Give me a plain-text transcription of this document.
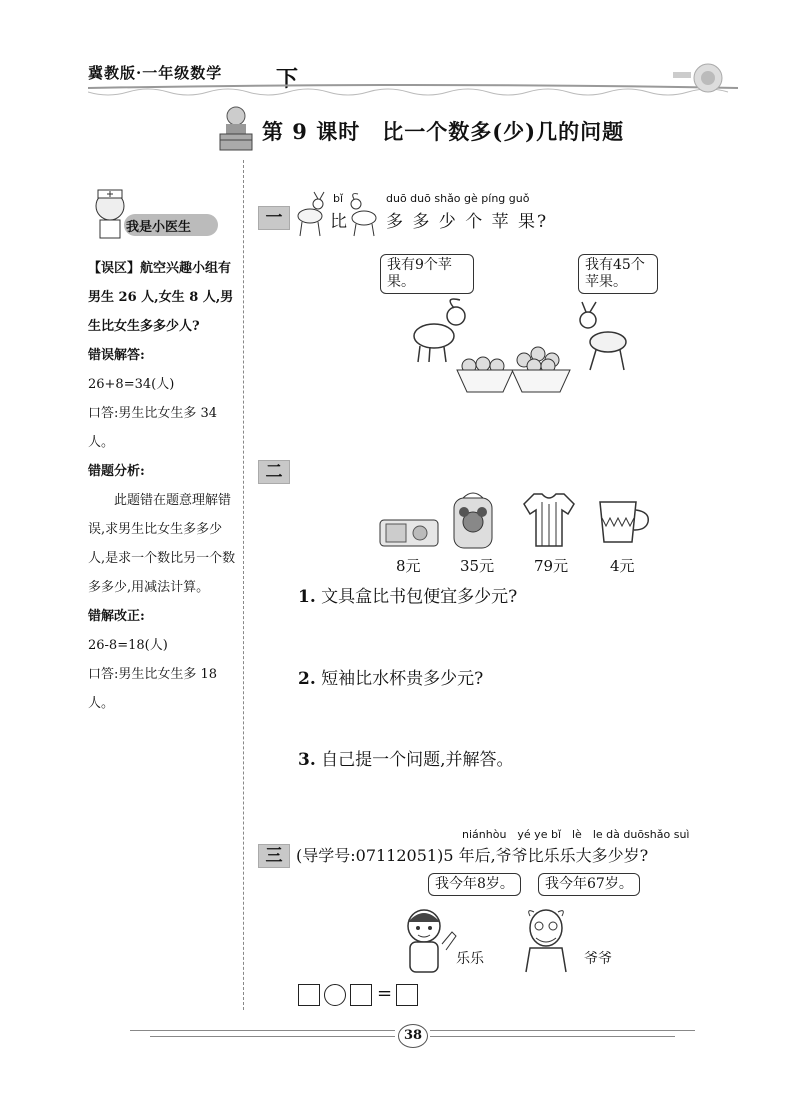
冀教版·一年级数学 下
第 9 课时　比一个数多(少)几的问题
我是小医生

【误区】航空兴趣小组有男生 26 人,女生 8 人,男生比女生多多少人?

错误解答:

26+8=34(人)

口答:男生比女生多 34 人。

错题分析:

此题错在题意理解错误,求男生比女生多多少人,是求一个数比另一个数多多少,用减法计算。

错解改正:

26-8=18(人)

口答:男生比女生多 18 人。

一
bǐ
比
duō duō shǎo gè píng guǒ
多 多 少 个 苹 果?
我有9个苹果。
我有45个苹果。
二
8元	35元	79元	4元
1. 文具盒比书包便宜多少元?
2. 短袖比水杯贵多少元?
3. 自己提一个问题,并解答。
niánhòu　yé ye bǐ　lè　le dà duōshǎo suì
三 (导学号:07112051)5 年后,爷爷比乐乐大多少岁?
我今年8岁。	我今年67岁。
乐乐	爷爷
=
38
